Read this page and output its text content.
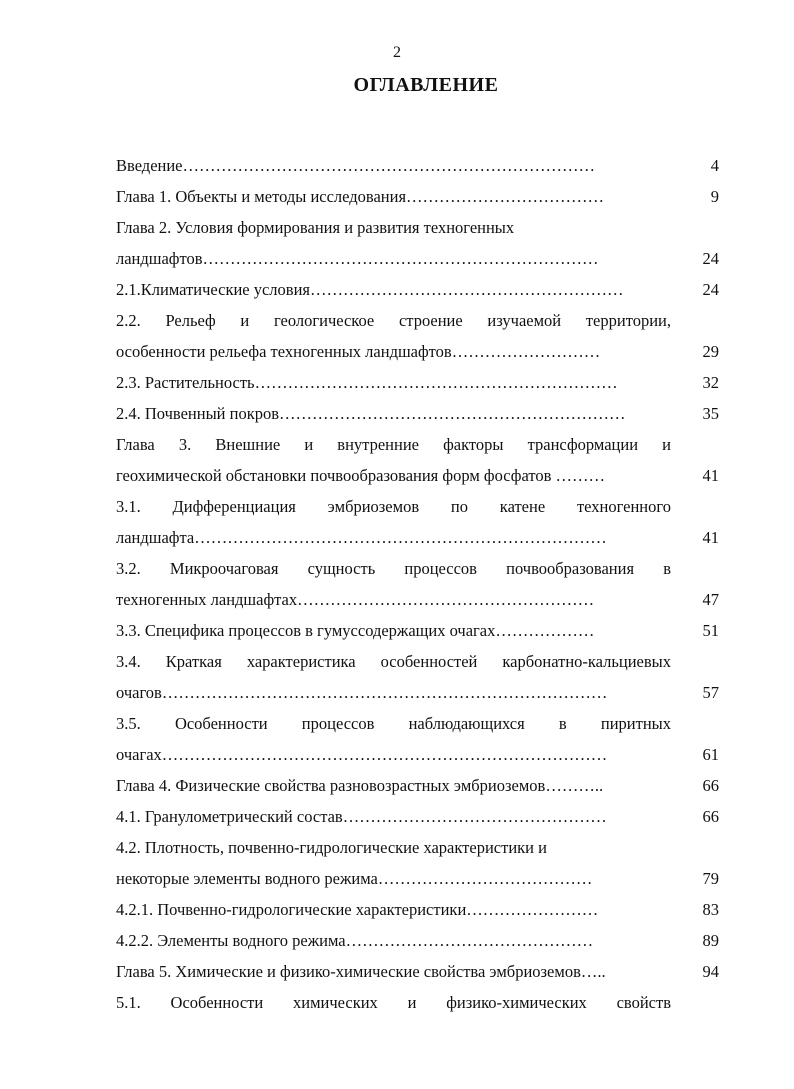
2
ОГЛАВЛЕНИЕ
Введение…………………………………………………………………	4
Глава 1. Объекты и методы исследования………………………………	9
Глава 2. Условия формирования и развития техногенных
ландшафтов………………………………………………………………	24
2.1.Климатические условия…………………………………………………	24
2.2. Рельеф и геологическое строение изучаемой территории,
особенности рельефа техногенных ландшафтов………………………	29
2.3. Растительность…………………………………………………………	32
2.4. Почвенный покров………………………………………………………	35
Глава 3. Внешние и внутренние факторы трансформации и
геохимической обстановки почвообразования форм фосфатов ………	41
3.1. Дифференциация эмбриоземов по катене техногенного
ландшафта…………………………………………………………………	41
3.2. Микроочаговая сущность процессов почвообразования в
техногенных ландшафтах………………………………………………	47
3.3. Специфика процессов в гумуссодержащих очагах………………	51
3.4. Краткая характеристика особенностей карбонатно-кальциевых
очагов………………………………………………………………………	57
3.5. Особенности процессов наблюдающихся в пиритных
очагах………………………………………………………………………	61
Глава 4. Физические свойства разновозрастных эмбриоземов………..	66
4.1. Гранулометрический состав…………………………………………	66
4.2. Плотность, почвенно-гидрологические характеристики и
некоторые элементы водного режима…………………………………	79
4.2.1. Почвенно-гидрологические характеристики……………………	83
4.2.2. Элементы водного режима………………………………………	89
Глава 5. Химические и физико-химические свойства эмбриоземов…..	94
5.1. Особенности химических и физико-химических свойств
